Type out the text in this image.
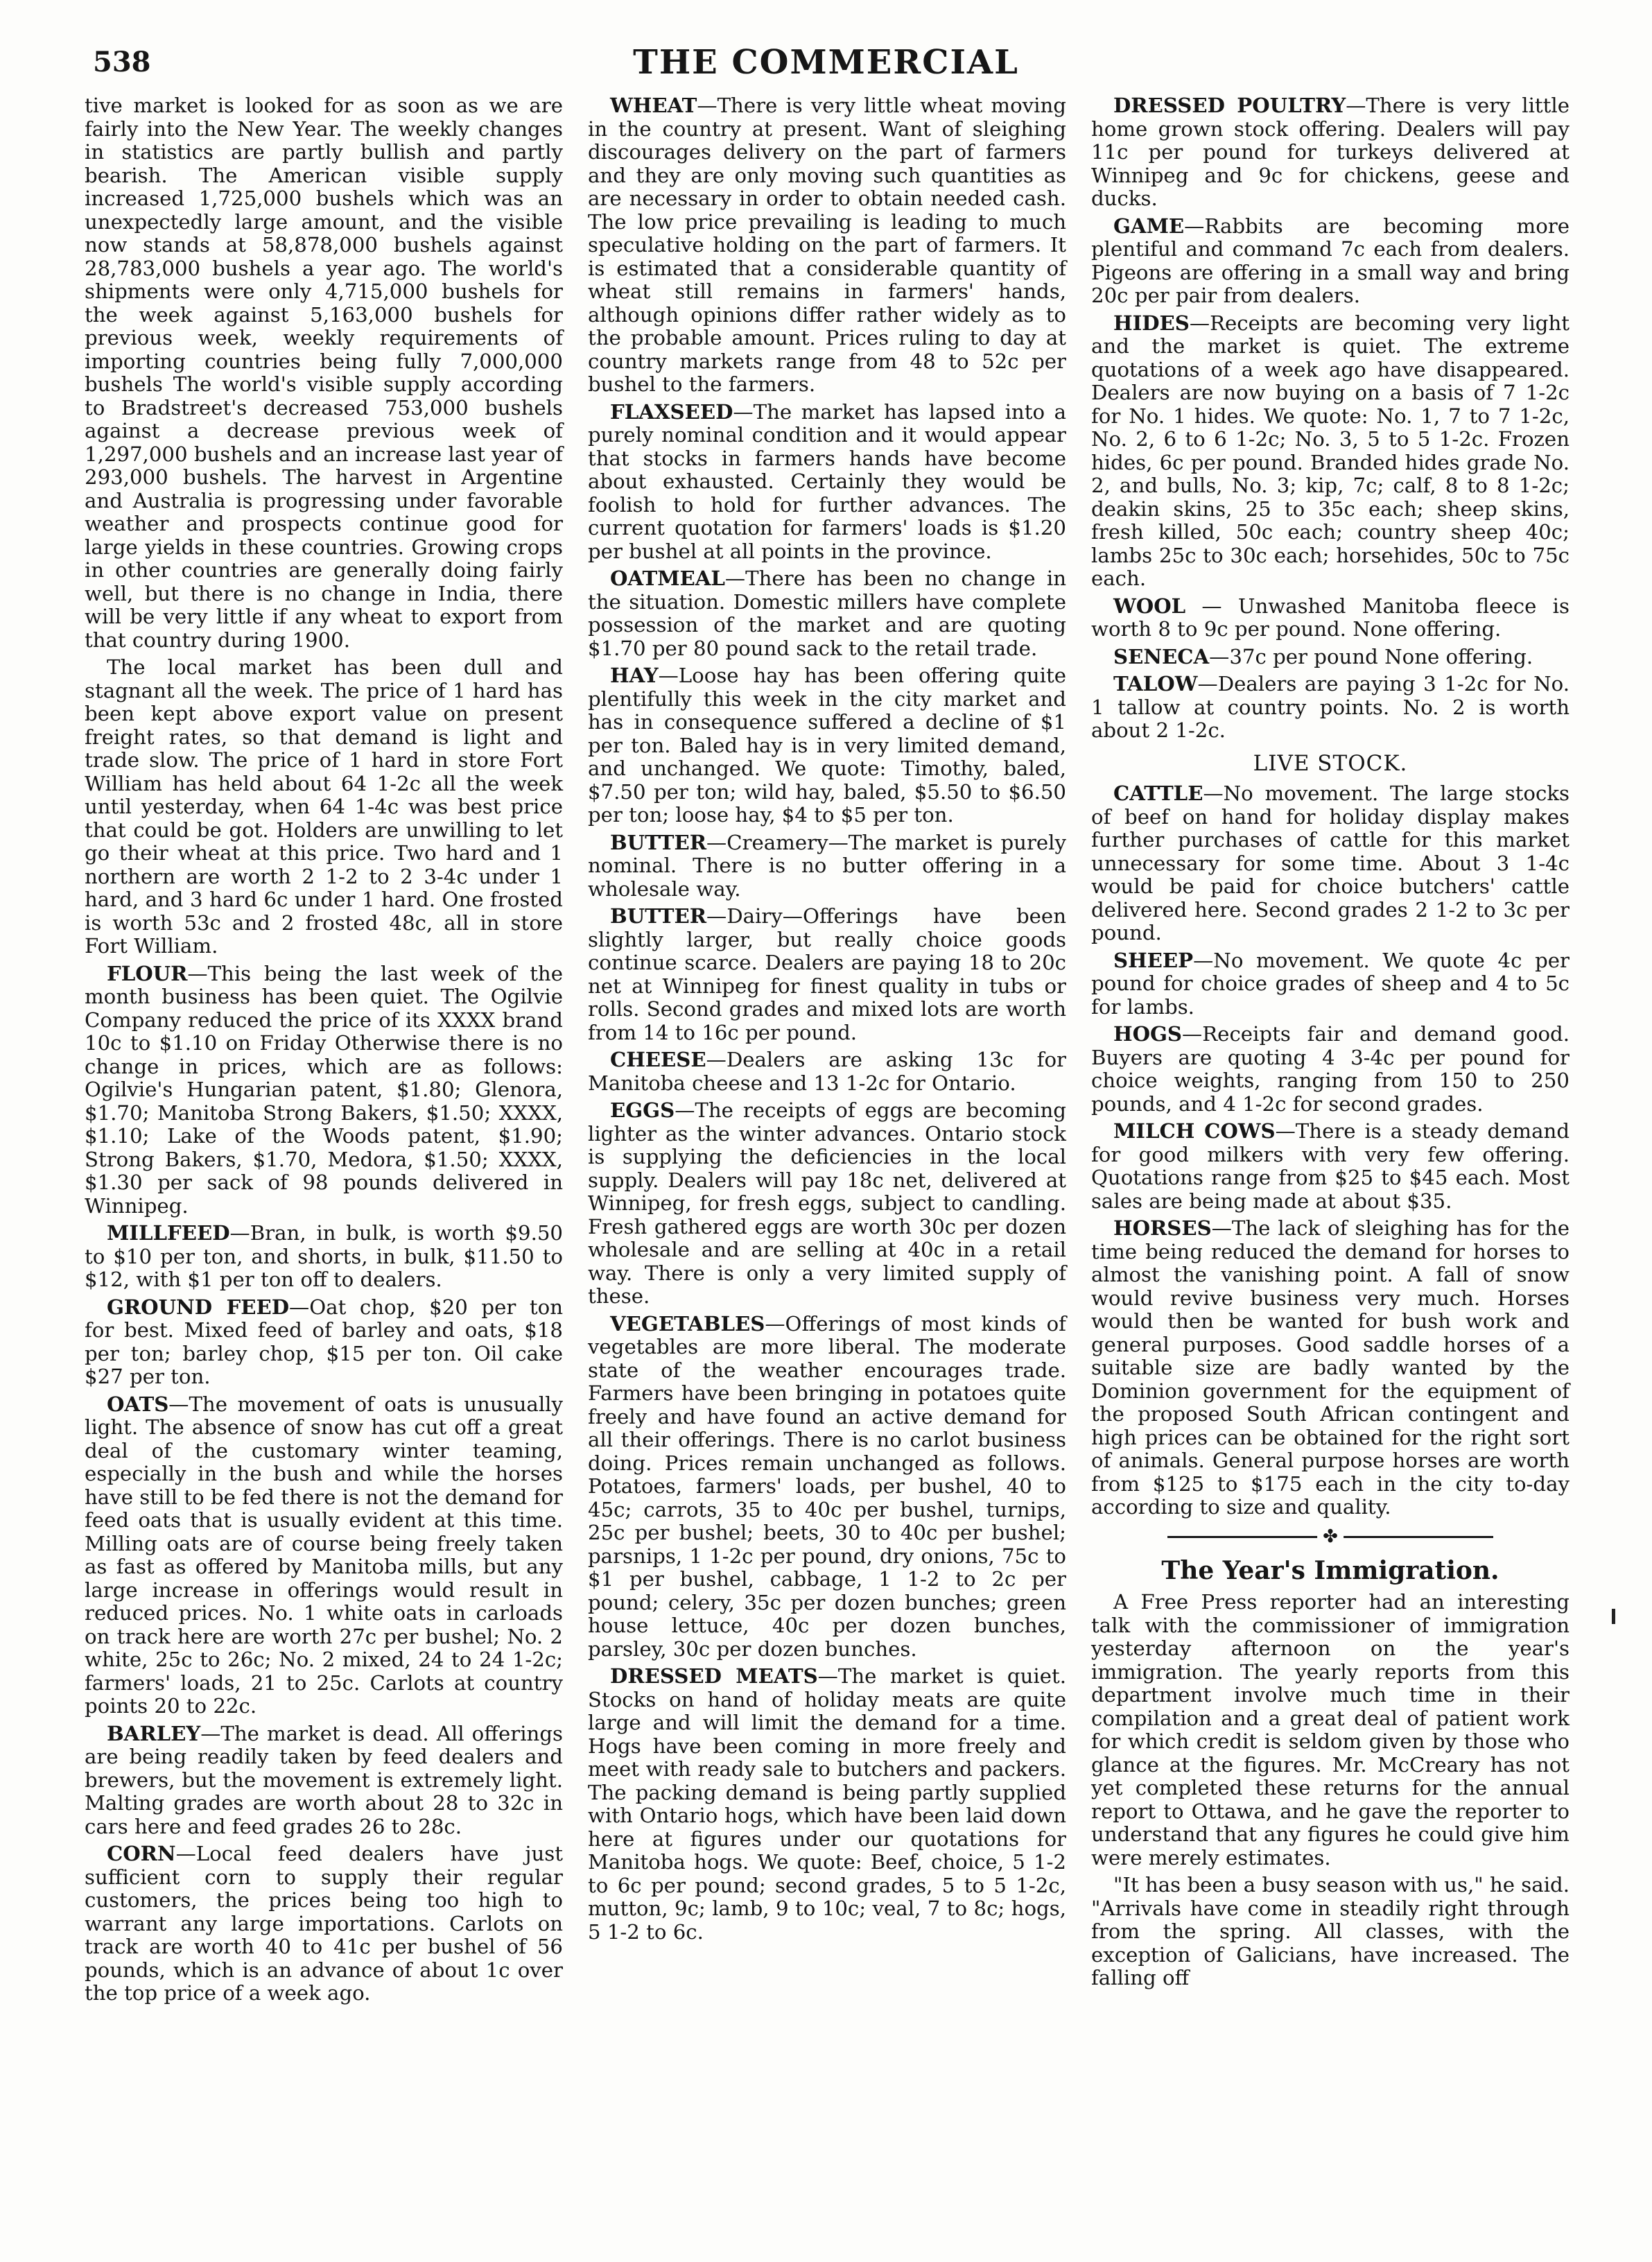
538	THE COMMERCIAL

tive market is looked for as soon as we are fairly into the New Year. The weekly changes in statistics are partly bullish and partly bearish. The American visible supply increased 1,725,000 bushels which was an unexpectedly large amount, and the visible now stands at 58,878,000 bushels against 28,783,000 bushels a year ago. The world's shipments were only 4,715,000 bushels for the week against 5,163,000 bushels for previous week, weekly requirements of importing countries being fully 7,000,000 bushels The world's visible supply according to Bradstreet's decreased 753,000 bushels against a decrease previous week of 1,297,000 bushels and an increase last year of 293,000 bushels. The harvest in Argentine and Australia is progressing under favorable weather and prospects continue good for large yields in these countries. Growing crops in other countries are generally doing fairly well, but there is no change in India, there will be very little if any wheat to export from that country during 1900.

The local market has been dull and stagnant all the week. The price of 1 hard has been kept above export value on present freight rates, so that demand is light and trade slow. The price of 1 hard in store Fort William has held about 64 1-2c all the week until yesterday, when 64 1-4c was best price that could be got. Holders are unwilling to let go their wheat at this price. Two hard and 1 northern are worth 2 1-2 to 2 3-4c under 1 hard, and 3 hard 6c under 1 hard. One frosted is worth 53c and 2 frosted 48c, all in store Fort William.

FLOUR—This being the last week of the month business has been quiet. The Ogilvie Company reduced the price of its XXXX brand 10c to $1.10 on Friday Otherwise there is no change in prices, which are as follows: Ogilvie's Hungarian patent, $1.80; Glenora, $1.70; Manitoba Strong Bakers, $1.50; XXXX, $1.10; Lake of the Woods patent, $1.90; Strong Bakers, $1.70, Medora, $1.50; XXXX, $1.30 per sack of 98 pounds delivered in Winnipeg.

MILLFEED—Bran, in bulk, is worth $9.50 to $10 per ton, and shorts, in bulk, $11.50 to $12, with $1 per ton off to dealers.

GROUND FEED—Oat chop, $20 per ton for best. Mixed feed of barley and oats, $18 per ton; barley chop, $15 per ton. Oil cake $27 per ton.

OATS—The movement of oats is unusually light. The absence of snow has cut off a great deal of the customary winter teaming, especially in the bush and while the horses have still to be fed there is not the demand for feed oats that is usually evident at this time. Milling oats are of course being freely taken as fast as offered by Manitoba mills, but any large increase in offerings would result in reduced prices. No. 1 white oats in carloads on track here are worth 27c per bushel; No. 2 white, 25c to 26c; No. 2 mixed, 24 to 24 1-2c; farmers' loads, 21 to 25c. Carlots at country points 20 to 22c.

BARLEY—The market is dead. All offerings are being readily taken by feed dealers and brewers, but the movement is extremely light. Malting grades are worth about 28 to 32c in cars here and feed grades 26 to 28c.

CORN—Local feed dealers have just sufficient corn to supply their regular customers, the prices being too high to warrant any large importations. Carlots on track are worth 40 to 41c per bushel of 56 pounds, which is an advance of about 1c over the top price of a week ago.

WHEAT—There is very little wheat moving in the country at present. Want of sleighing discourages delivery on the part of farmers and they are only moving such quantities as are necessary in order to obtain needed cash. The low price prevailing is leading to much speculative holding on the part of farmers. It is estimated that a considerable quantity of wheat still remains in farmers' hands, although opinions differ rather widely as to the probable amount. Prices ruling to day at country markets range from 48 to 52c per bushel to the farmers.

FLAXSEED—The market has lapsed into a purely nominal condition and it would appear that stocks in farmers hands have become about exhausted. Certainly they would be foolish to hold for further advances. The current quotation for farmers' loads is $1.20 per bushel at all points in the province.

OATMEAL—There has been no change in the situation. Domestic millers have complete possession of the market and are quoting $1.70 per 80 pound sack to the retail trade.

HAY—Loose hay has been offering quite plentifully this week in the city market and has in consequence suffered a decline of $1 per ton. Baled hay is in very limited demand, and unchanged. We quote: Timothy, baled, $7.50 per ton; wild hay, baled, $5.50 to $6.50 per ton; loose hay, $4 to $5 per ton.

BUTTER—Creamery—The market is purely nominal. There is no butter offering in a wholesale way.

BUTTER—Dairy—Offerings have been slightly larger, but really choice goods continue scarce. Dealers are paying 18 to 20c net at Winnipeg for finest quality in tubs or rolls. Second grades and mixed lots are worth from 14 to 16c per pound.

CHEESE—Dealers are asking 13c for Manitoba cheese and 13 1-2c for Ontario.

EGGS—The receipts of eggs are becoming lighter as the winter advances. Ontario stock is supplying the deficiencies in the local supply. Dealers will pay 18c net, delivered at Winnipeg, for fresh eggs, subject to candling. Fresh gathered eggs are worth 30c per dozen wholesale and are selling at 40c in a retail way. There is only a very limited supply of these.

VEGETABLES—Offerings of most kinds of vegetables are more liberal. The moderate state of the weather encourages trade. Farmers have been bringing in potatoes quite freely and have found an active demand for all their offerings. There is no carlot business doing. Prices remain unchanged as follows. Potatoes, farmers' loads, per bushel, 40 to 45c; carrots, 35 to 40c per bushel, turnips, 25c per bushel; beets, 30 to 40c per bushel; parsnips, 1 1-2c per pound, dry onions, 75c to $1 per bushel, cabbage, 1 1-2 to 2c per pound; celery, 35c per dozen bunches; green house lettuce, 40c per dozen bunches, parsley, 30c per dozen bunches.

DRESSED MEATS—The market is quiet. Stocks on hand of holiday meats are quite large and will limit the demand for a time. Hogs have been coming in more freely and meet with ready sale to butchers and packers. The packing demand is being partly supplied with Ontario hogs, which have been laid down here at figures under our quotations for Manitoba hogs. We quote: Beef, choice, 5 1-2 to 6c per pound; second grades, 5 to 5 1-2c, mutton, 9c; lamb, 9 to 10c; veal, 7 to 8c; hogs, 5 1-2 to 6c.

DRESSED POULTRY—There is very little home grown stock offering. Dealers will pay 11c per pound for turkeys delivered at Winnipeg and 9c for chickens, geese and ducks.

GAME—Rabbits are becoming more plentiful and command 7c each from dealers. Pigeons are offering in a small way and bring 20c per pair from dealers.

HIDES—Receipts are becoming very light and the market is quiet. The extreme quotations of a week ago have disappeared. Dealers are now buying on a basis of 7 1-2c for No. 1 hides. We quote: No. 1, 7 to 7 1-2c, No. 2, 6 to 6 1-2c; No. 3, 5 to 5 1-2c. Frozen hides, 6c per pound. Branded hides grade No. 2, and bulls, No. 3; kip, 7c; calf, 8 to 8 1-2c; deakin skins, 25 to 35c each; sheep skins, fresh killed, 50c each; country sheep 40c; lambs 25c to 30c each; horsehides, 50c to 75c each.

WOOL — Unwashed Manitoba fleece is worth 8 to 9c per pound. None offering.

SENECA—37c per pound None offering.

TALOW—Dealers are paying 3 1-2c for No. 1 tallow at country points. No. 2 is worth about 2 1-2c.

LIVE STOCK.

CATTLE—No movement. The large stocks of beef on hand for holiday display makes further purchases of cattle for this market unnecessary for some time. About 3 1-4c would be paid for choice butchers' cattle delivered here. Second grades 2 1-2 to 3c per pound.

SHEEP—No movement. We quote 4c per pound for choice grades of sheep and 4 to 5c for lambs.

HOGS—Receipts fair and demand good. Buyers are quoting 4 3-4c per pound for choice weights, ranging from 150 to 250 pounds, and 4 1-2c for second grades.

MILCH COWS—There is a steady demand for good milkers with very few offering. Quotations range from $25 to $45 each. Most sales are being made at about $35.

HORSES—The lack of sleighing has for the time being reduced the demand for horses to almost the vanishing point. A fall of snow would revive business very much. Horses would then be wanted for bush work and general purposes. Good saddle horses of a suitable size are badly wanted by the Dominion government for the equipment of the proposed South African contingent and high prices can be obtained for the right sort of animals. General purpose horses are worth from $125 to $175 each in the city to-day according to size and quality.

✤
The Year's Immigration.

A Free Press reporter had an interesting talk with the commissioner of immigration yesterday afternoon on the year's immigration. The yearly reports from this department involve much time in their compilation and a great deal of patient work for which credit is seldom given by those who glance at the figures. Mr. McCreary has not yet completed these returns for the annual report to Ottawa, and he gave the reporter to understand that any figures he could give him were merely estimates.

"It has been a busy season with us," he said. "Arrivals have come in steadily right through from the spring. All classes, with the exception of Galicians, have increased. The falling off
